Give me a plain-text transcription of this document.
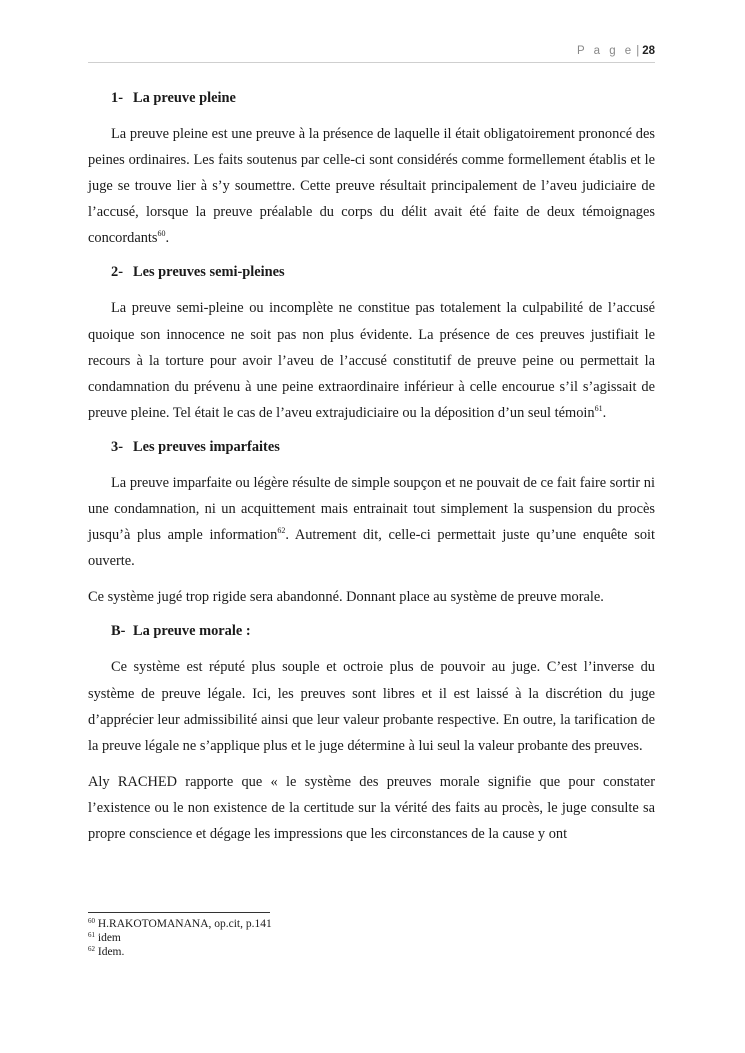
P a g e | 28

1- La preuve pleine

La preuve pleine est une preuve à la présence de laquelle il était obligatoirement prononcé des peines ordinaires. Les faits soutenus par celle-ci sont considérés comme formellement établis et le juge se trouve lier à s’y soumettre. Cette preuve résultait principalement de l’aveu judiciaire de l’accusé, lorsque la preuve préalable du corps du délit avait été faite de deux témoignages concordants$^{60}$.

2- Les preuves semi-pleines

La preuve semi-pleine ou incomplète ne constitue pas totalement la culpabilité de l’accusé quoique son innocence ne soit pas non plus évidente. La présence de ces preuves justifiait le recours à la torture pour avoir l’aveu de l’accusé constitutif de preuve peine ou permettait la condamnation du prévenu à une peine extraordinaire inférieur à celle encourue s’il s’agissait de preuve pleine. Tel était le cas de l’aveu extrajudiciaire ou la déposition d’un seul témoin$^{61}$.

3- Les preuves imparfaites

La preuve imparfaite ou légère résulte de simple soupçon et ne pouvait de ce fait faire sortir ni une condamnation, ni un acquittement mais entrainait tout simplement la suspension du procès jusqu’à plus ample information$^{62}$. Autrement dit, celle-ci permettait juste qu’une enquête soit ouverte.

Ce système jugé trop rigide sera abandonné. Donnant place au système de preuve morale.

B- La preuve morale :

Ce système est réputé plus souple et octroie plus de pouvoir au juge. C’est l’inverse du système de preuve légale. Ici, les preuves sont libres et il est laissé à la discrétion du juge d’apprécier leur admissibilité ainsi que leur valeur probante respective. En outre, la tarification de la preuve légale ne s’applique plus et le juge détermine à lui seul la valeur probante des preuves.

Aly RACHED rapporte que « le système des preuves morale signifie que pour constater l’existence ou le non existence de la certitude sur la vérité des faits au procès, le juge consulte sa propre conscience et dégage les impressions que les circonstances de la cause y ont

$^{60}$ H.RAKOTOMANANA, op.cit, p.141
$^{61}$ idem
$^{62}$ Idem.
